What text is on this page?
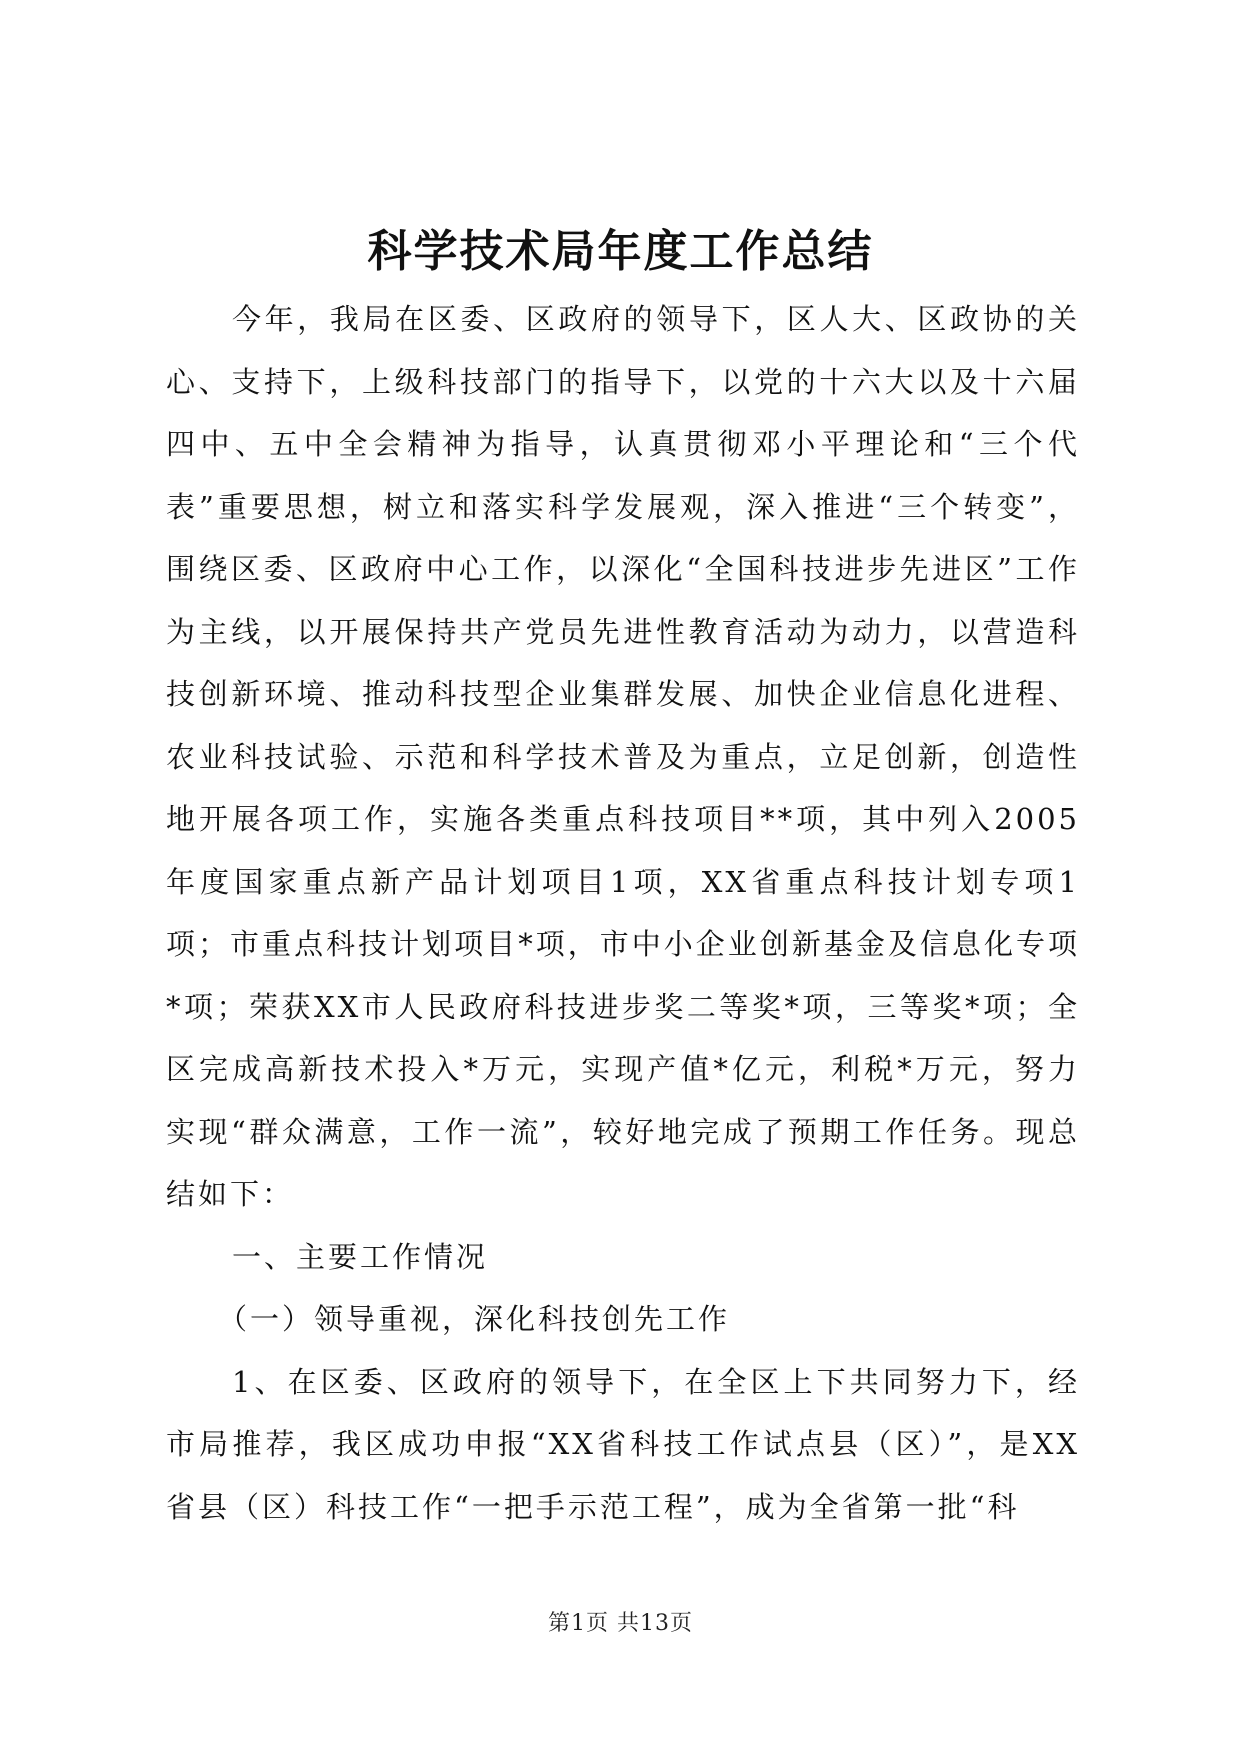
科学技术局年度工作总结

今年，我局在区委、区政府的领导下，区人大、区政协的关心、支持下，上级科技部门的指导下，以党的十六大以及十六届四中、五中全会精神为指导，认真贯彻邓小平理论和“三个代表”重要思想，树立和落实科学发展观，深入推进“三个转变”，围绕区委、区政府中心工作，以深化“全国科技进步先进区”工作为主线，以开展保持共产党员先进性教育活动为动力，以营造科技创新环境、推动科技型企业集群发展、加快企业信息化进程、农业科技试验、示范和科学技术普及为重点，立足创新，创造性地开展各项工作，实施各类重点科技项目**项，其中列入2005年度国家重点新产品计划项目1项，XX省重点科技计划专项1项；市重点科技计划项目*项，市中小企业创新基金及信息化专项*项；荣获XX市人民政府科技进步奖二等奖*项，三等奖*项；全区完成高新技术投入*万元，实现产值*亿元，利税*万元，努力实现“群众满意，工作一流”，较好地完成了预期工作任务。现总结如下：

一、主要工作情况

（一）领导重视，深化科技创先工作

1、在区委、区政府的领导下，在全区上下共同努力下，经市局推荐，我区成功申报“XX省科技工作试点县（区）”，是XX省县（区）科技工作“一把手示范工程”，成为全省第一批“科

第1页 共13页
